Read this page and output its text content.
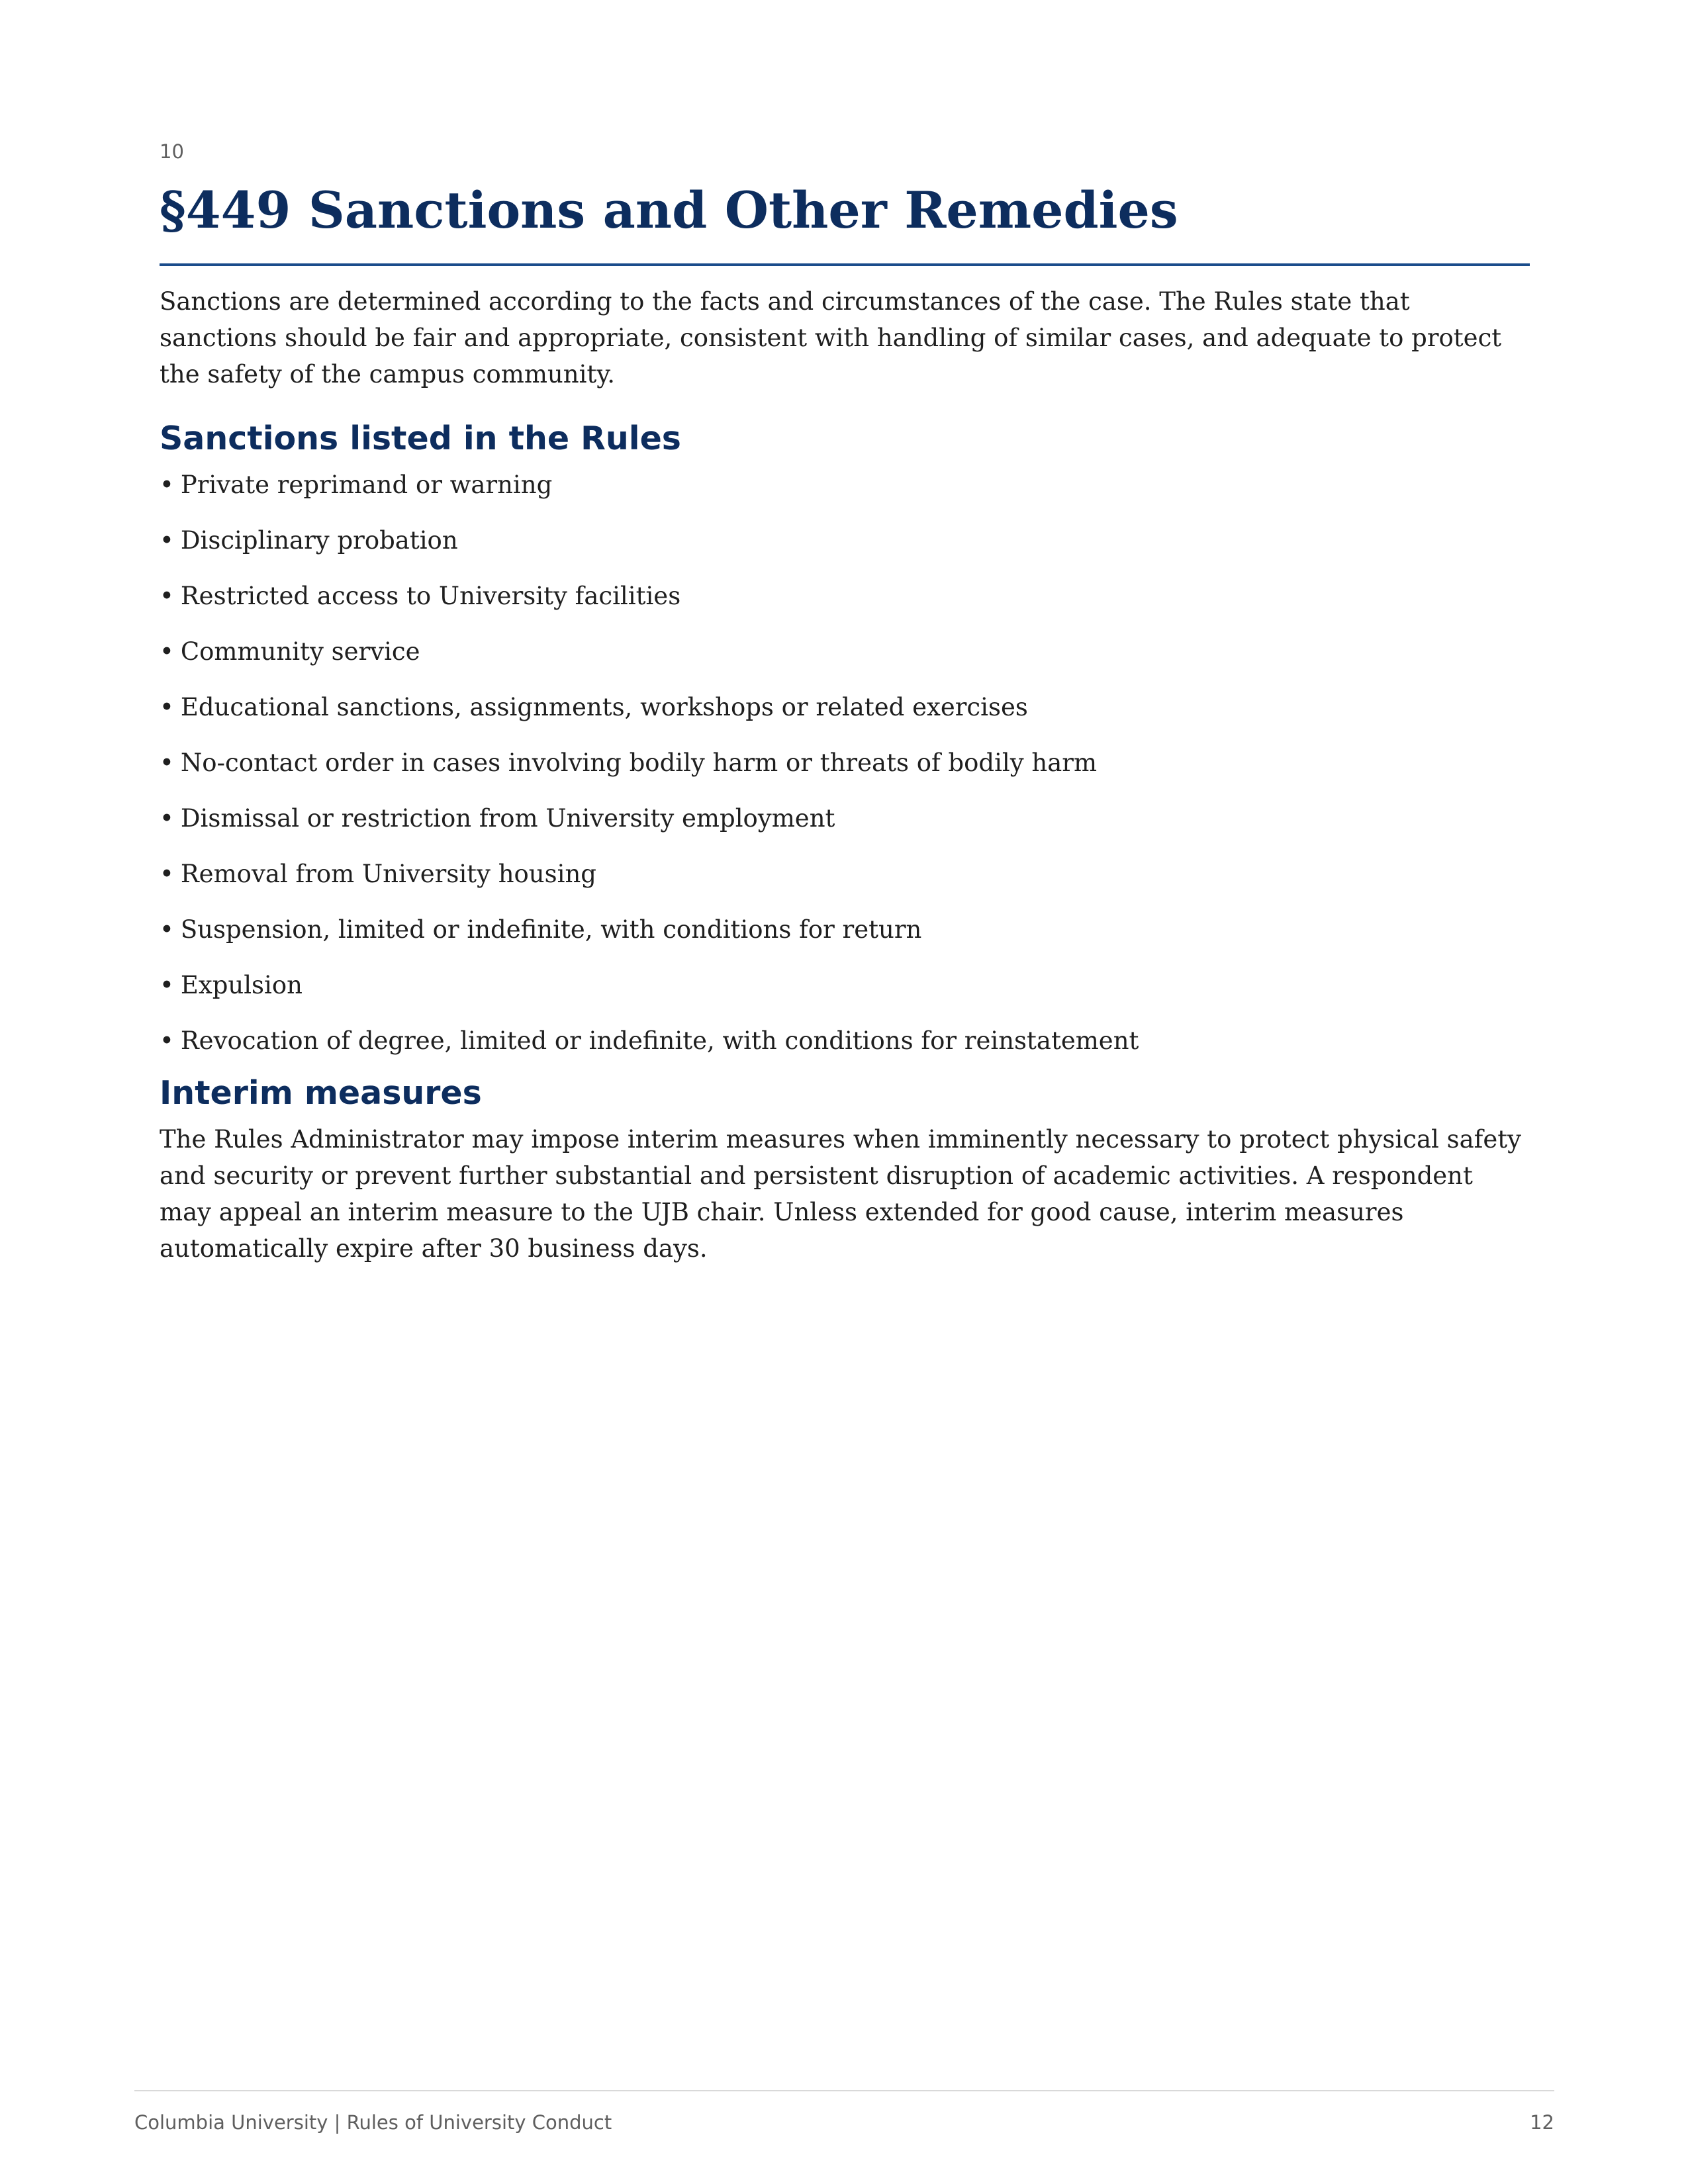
10
§449 Sanctions and Other Remedies

Sanctions are determined according to the facts and circumstances of the case. The Rules state that sanctions should be fair and appropriate, consistent with handling of similar cases, and adequate to protect the safety of the campus community.

Sanctions listed in the Rules
• Private reprimand or warning
• Disciplinary probation
• Restricted access to University facilities
• Community service
• Educational sanctions, assignments, workshops or related exercises
• No-contact order in cases involving bodily harm or threats of bodily harm
• Dismissal or restriction from University employment
• Removal from University housing
• Suspension, limited or indefinite, with conditions for return
• Expulsion
• Revocation of degree, limited or indefinite, with conditions for reinstatement
Interim measures

The Rules Administrator may impose interim measures when imminently necessary to protect physical safety and security or prevent further substantial and persistent disruption of academic activities. A respondent may appeal an interim measure to the UJB chair. Unless extended for good cause, interim measures automatically expire after 30 business days.

Columbia University | Rules of University Conduct	12
